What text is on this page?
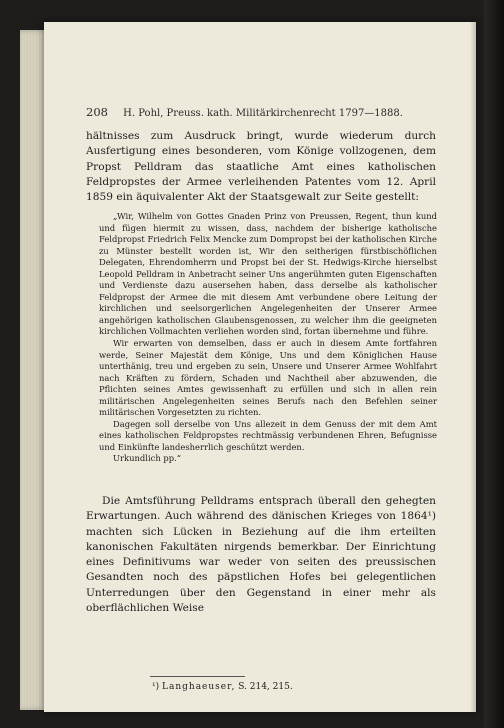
208 H. Pohl, Preuss. kath. Militärkirchenrecht 1797—1888.

hältnisses zum Ausdruck bringt, wurde wiederum durch Ausfertigung eines besonderen, vom Könige vollzogenen, dem Propst Pelldram das staatliche Amt eines katholischen Feldpropstes der Armee verleihenden Patentes vom 12. April 1859 ein äquivalenter Akt der Staatsgewalt zur Seite gestellt:

„Wir, Wilhelm von Gottes Gnaden Prinz von Preussen, Regent, thun kund und fügen hiermit zu wissen, dass, nachdem der bisherige katholische Feldpropst Friedrich Felix Mencke zum Dompropst bei der katholischen Kirche zu Münster bestellt worden ist, Wir den seitherigen fürstbischöflichen Delegaten, Ehrendomherrn und Propst bei der St. Hedwigs-Kirche hierselbst Leopold Pelldram in Anbetracht seiner Uns angerühmten guten Eigenschaften und Verdienste dazu ausersehen haben, dass derselbe als katholischer Feldpropst der Armee die mit diesem Amt verbundene obere Leitung der kirchlichen und seelsorgerlichen Angelegenheiten der Unserer Armee angehörigen katholischen Glaubensgenossen, zu welcher ihm die geeigneten kirchlichen Vollmachten verliehen worden sind, fortan übernehme und führe.

Wir erwarten von demselben, dass er auch in diesem Amte fortfahren werde, Seiner Majestät dem Könige, Uns und dem Königlichen Hause unterthänig, treu und ergeben zu sein, Unsere und Unserer Armee Wohlfahrt nach Kräften zu fördern, Schaden und Nachtheil aber abzuwenden, die Pflichten seines Amtes gewissenhaft zu erfüllen und sich in allen rein militärischen Angelegenheiten seines Berufs nach den Befehlen seiner militärischen Vorgesetzten zu richten.

Dagegen soll derselbe von Uns allezeit in dem Genuss der mit dem Amt eines katholischen Feldpropstes rechtmässig verbundenen Ehren, Befugnisse und Einkünfte landesherrlich geschützt werden.

Urkundlich pp.“

Die Amtsführung Pelldrams entsprach überall den gehegten Erwartungen. Auch während des dänischen Krieges von 1864¹) machten sich Lücken in Beziehung auf die ihm erteilten kanonischen Fakultäten nirgends bemerkbar. Der Einrichtung eines Definitivums war weder von seiten des preussischen Gesandten noch des päpstlichen Hofes bei gelegentlichen Unterredungen über den Gegenstand in einer mehr als oberflächlichen Weise

¹) Langhaeuser, S. 214, 215.
